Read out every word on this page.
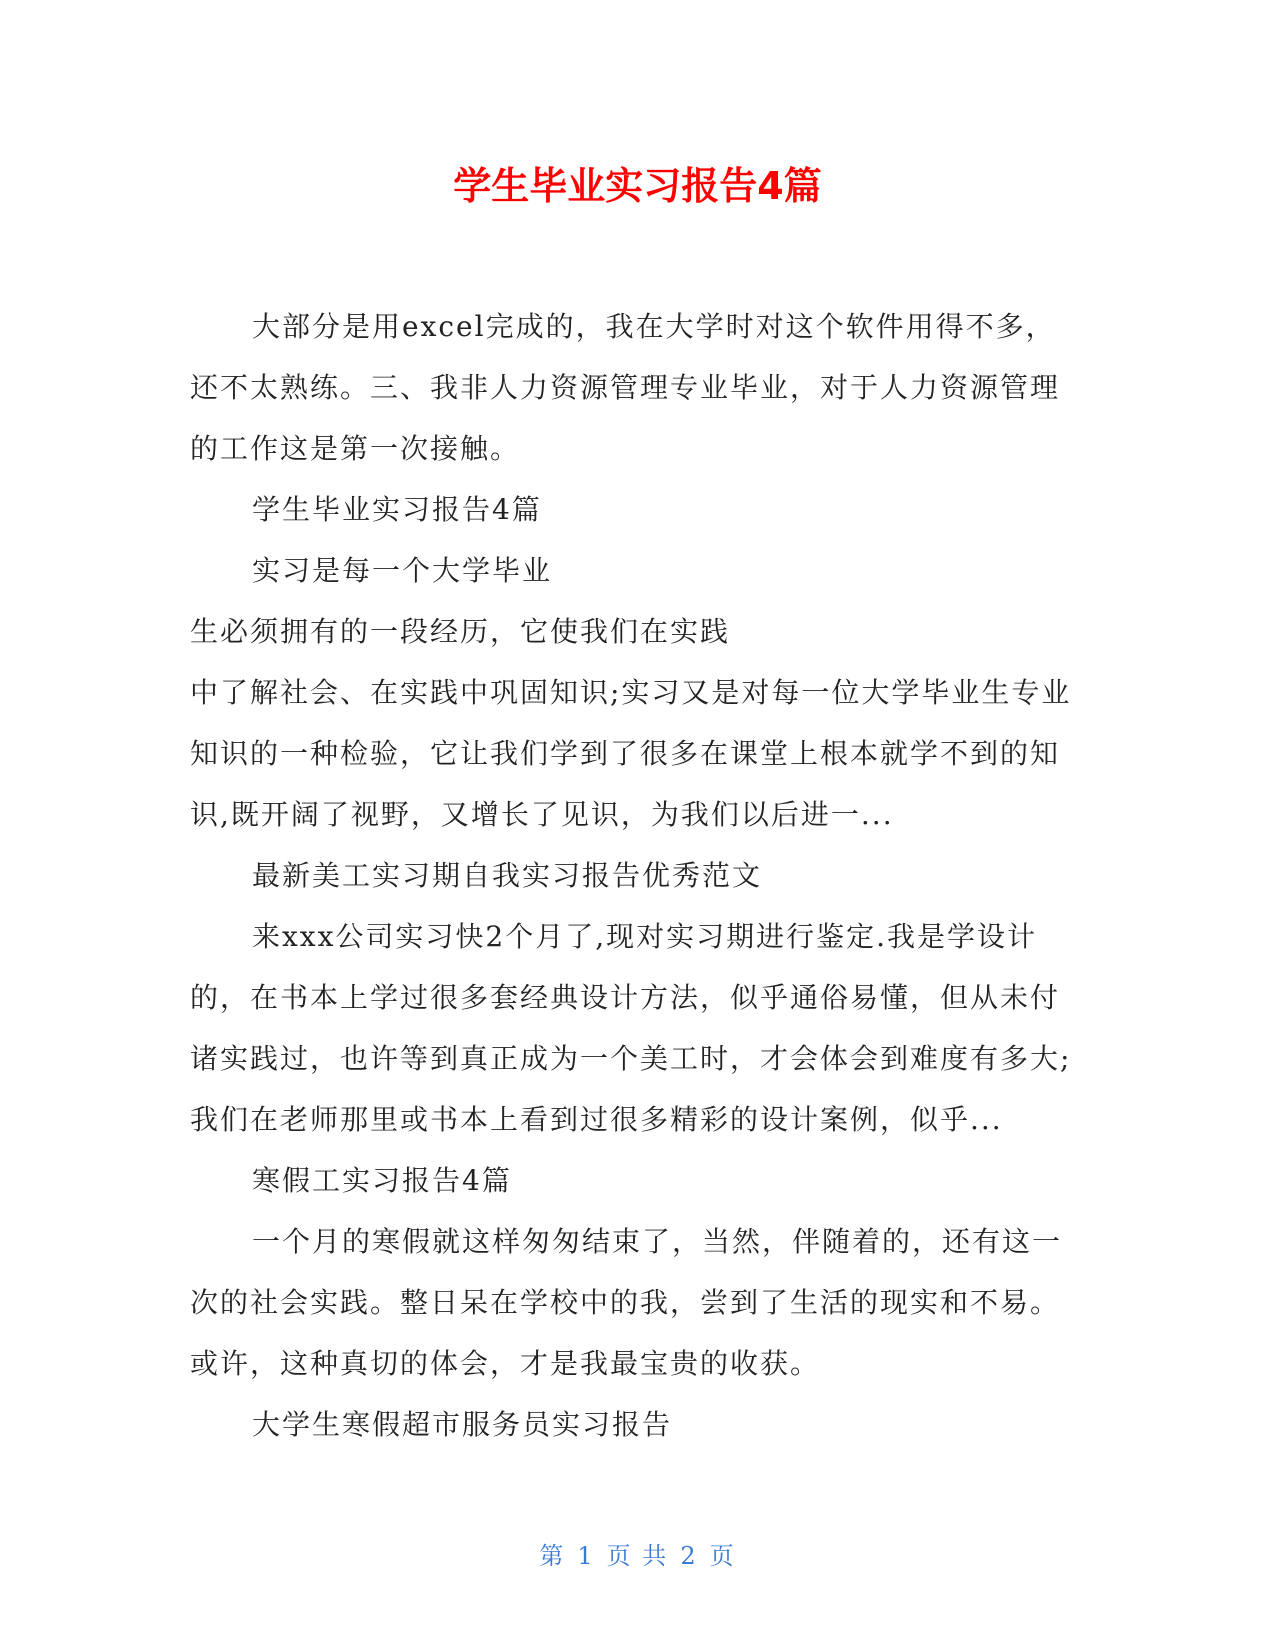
学生毕业实习报告4篇

大部分是用excel完成的，我在大学时对这个软件用得不多，还不太熟练。三、我非人力资源管理专业毕业，对于人力资源管理的工作这是第一次接触。

学生毕业实习报告4篇

实习是每一个大学毕业

生必须拥有的一段经历，它使我们在实践

中了解社会、在实践中巩固知识;实习又是对每一位大学毕业生专业知识的一种检验，它让我们学到了很多在课堂上根本就学不到的知识,既开阔了视野，又增长了见识，为我们以后进一...

最新美工实习期自我实习报告优秀范文

来xxx公司实习快2个月了,现对实习期进行鉴定.我是学设计的，在书本上学过很多套经典设计方法，似乎通俗易懂，但从未付诸实践过，也许等到真正成为一个美工时，才会体会到难度有多大;我们在老师那里或书本上看到过很多精彩的设计案例，似乎...

寒假工实习报告4篇

一个月的寒假就这样匆匆结束了，当然，伴随着的，还有这一次的社会实践。整日呆在学校中的我，尝到了生活的现实和不易。或许，这种真切的体会，才是我最宝贵的收获。

大学生寒假超市服务员实习报告

第 1 页 共 2 页
